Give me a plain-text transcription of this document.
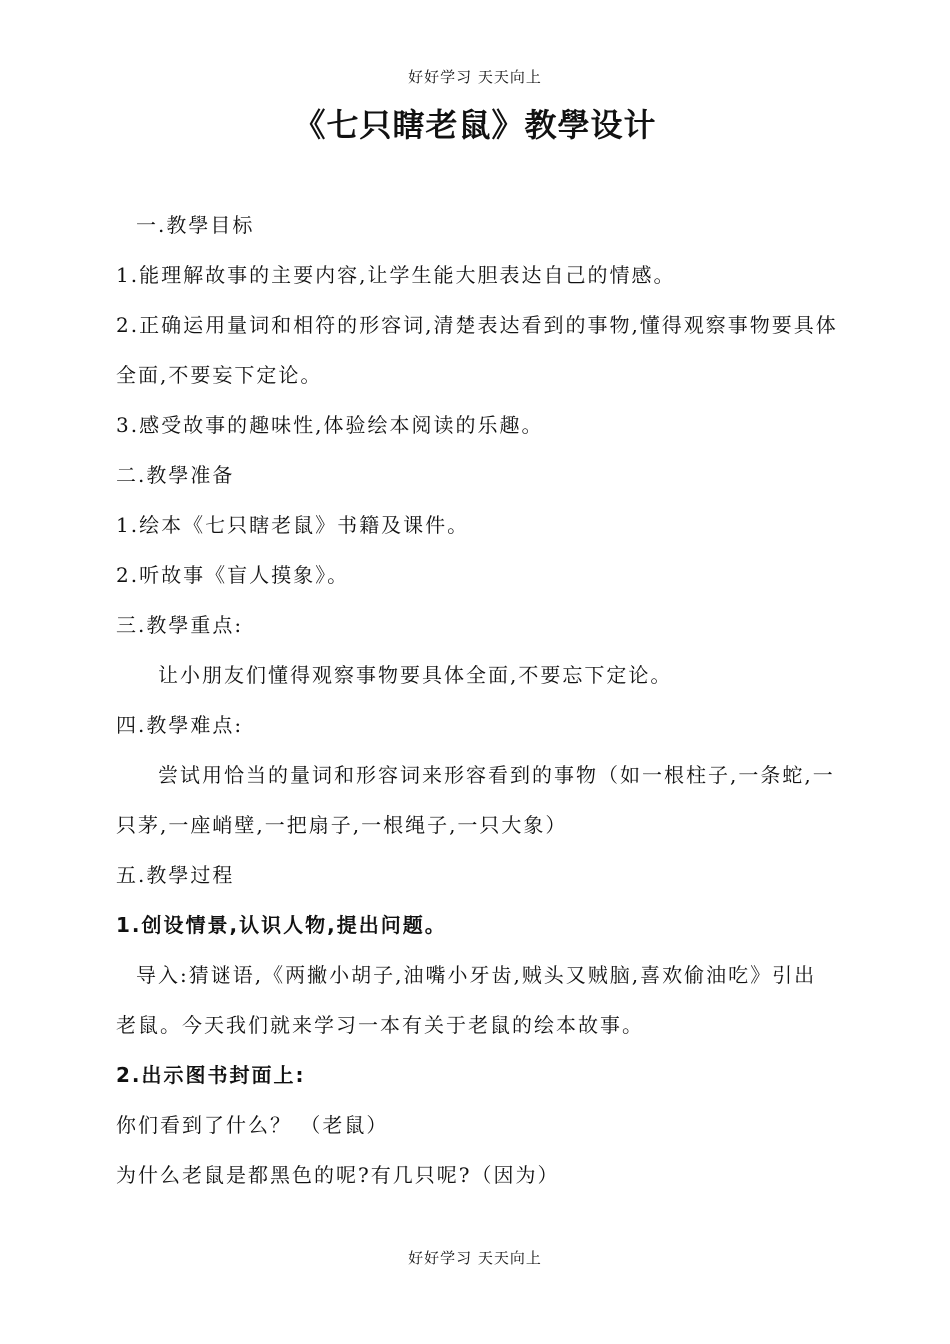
好好学习 天天向上
《七只瞎老鼠》教學设计
一.教學目标
1.能理解故事的主要内容,让学生能大胆表达自己的情感。
2.正确运用量词和相符的形容词,清楚表达看到的事物,懂得观察事物要具体
全面,不要妄下定论。
3.感受故事的趣味性,体验绘本阅读的乐趣。
二.教學准备
1.绘本《七只瞎老鼠》书籍及课件。
2.听故事《盲人摸象》。
三.教學重点:
让小朋友们懂得观察事物要具体全面,不要忘下定论。
四.教學难点:
尝试用恰当的量词和形容词来形容看到的事物（如一根柱子,一条蛇,一
只茅,一座峭壁,一把扇子,一根绳子,一只大象）
五.教學过程
1.创设情景,认识人物,提出问题。
导入:猜谜语,《两撇小胡子,油嘴小牙齿,贼头又贼脑,喜欢偷油吃》引出
老鼠。今天我们就来学习一本有关于老鼠的绘本故事。
2.出示图书封面上:
你们看到了什么？ （老鼠）
为什么老鼠是都黑色的呢?有几只呢?（因为）
好好学习 天天向上
